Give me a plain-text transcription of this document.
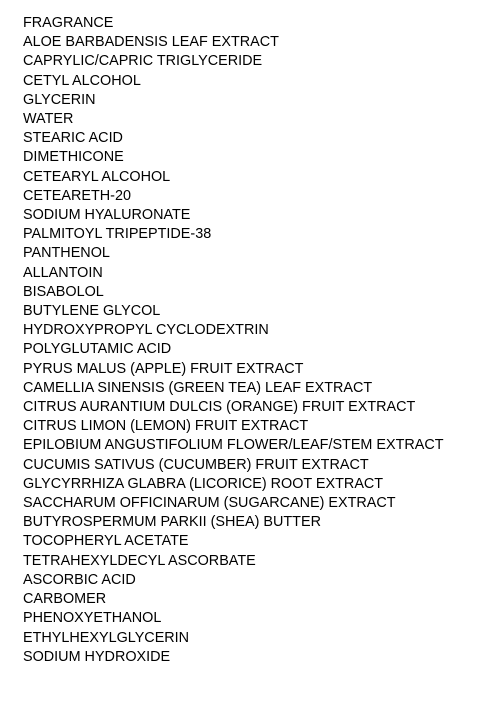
FRAGRANCE
ALOE BARBADENSIS LEAF EXTRACT
CAPRYLIC/CAPRIC TRIGLYCERIDE
CETYL ALCOHOL
GLYCERIN
WATER
STEARIC ACID
DIMETHICONE
CETEARYL ALCOHOL
CETEARETH-20
SODIUM HYALURONATE
PALMITOYL TRIPEPTIDE-38
PANTHENOL
ALLANTOIN
BISABOLOL
BUTYLENE GLYCOL
HYDROXYPROPYL CYCLODEXTRIN
POLYGLUTAMIC ACID
PYRUS MALUS (APPLE) FRUIT EXTRACT
CAMELLIA SINENSIS (GREEN TEA) LEAF EXTRACT
CITRUS AURANTIUM DULCIS (ORANGE) FRUIT EXTRACT
CITRUS LIMON (LEMON) FRUIT EXTRACT
EPILOBIUM ANGUSTIFOLIUM FLOWER/LEAF/STEM EXTRACT
CUCUMIS SATIVUS (CUCUMBER) FRUIT EXTRACT
GLYCYRRHIZA GLABRA (LICORICE) ROOT EXTRACT
SACCHARUM OFFICINARUM (SUGARCANE) EXTRACT
BUTYROSPERMUM PARKII (SHEA) BUTTER
TOCOPHERYL ACETATE
TETRAHEXYLDECYL ASCORBATE
ASCORBIC ACID
CARBOMER
PHENOXYETHANOL
ETHYLHEXYLGLYCERIN
SODIUM HYDROXIDE
